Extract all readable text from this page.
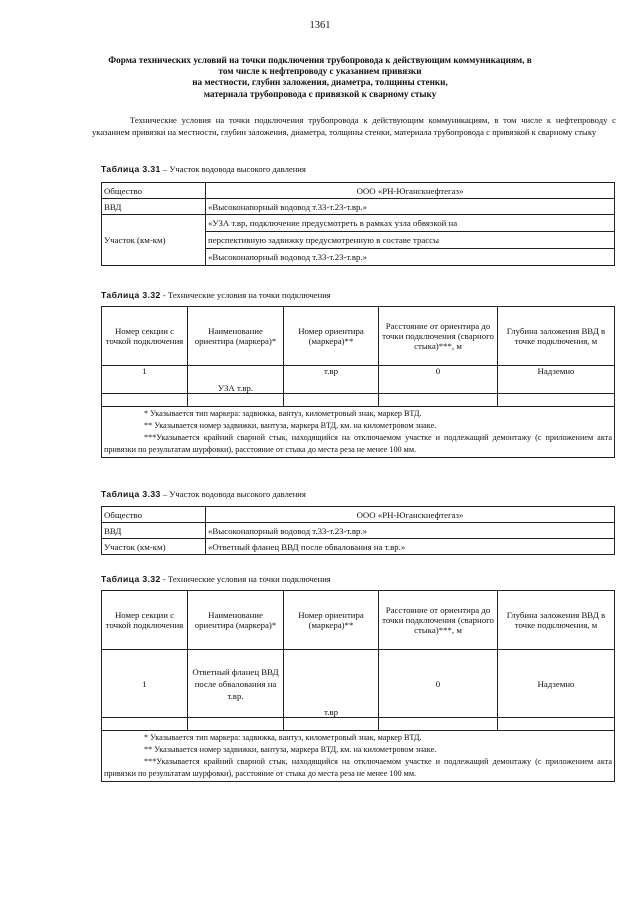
1361
Форма технических условий на точки подключения трубопровода к действующим коммуникациям, в
том числе к нефтепроводу с указанием привязки
на местности, глубин заложения, диаметра, толщины стенки,
материала трубопровода с привязкой к сварному стыку
Технические условия на точки подключения трубопровода к действующим коммуникациям, в том числе к нефтепроводу с указанием привязки на местности, глубин заложения, диаметра, толщины стенки, материала трубопровода с привязкой к сварному стыку
Таблица 3.31 – Участок водовода высокого давления
Общество	ООО «РН-Юганскнефтегаз»
ВВД	«Высоконапорный водовод т.33-т.23-т.вр.»
Участок (км-км)	«УЗА т.вр, подключение предусмотреть в рамках узла обвязкой на
	перспективную задвижку предусмотренную в составе трассы
	«Высоконапорный водовод т.33-т.23-т.вр.»
Таблица 3.32 - Технические условия на точки подключения
Номер секции с точкой подключения	Наименование ориентира (маркера)*	Номер ориентира (маркера)**	Расстояние от ориентира до точки подключения (сварного стыка)***, м	Глубина заложения ВВД в точке подключения, м
1	УЗА т.вр.	т.вр	0	Надземно

* Указывается тип маркера: задвижка, вантуз, километровый знак, маркер ВТД.
** Указывается номер задвижки, вантуза, маркера ВТД, км. на километровом знаке.
***Указывается крайний сварной стык, находящийся на отключаемом участке и подлежащий демонтажу (с приложением акта привязки по результатам шурфовки), расстояние от стыка до места реза не менее 100 мм.				
Таблица 3.33 – Участок водовода высокого давления
Общество	ООО «РН-Юганскнефтегаз»
ВВД	«Высоконапорный водовод т.33-т.23-т.вр.»
Участок (км-км)	«Ответный фланец ВВД после обвалования на т.вр.»
Таблица 3.32 - Технические условия на точки подключения
Номер секции с точкой подключения	Наименование ориентира (маркера)*	Номер ориентира (маркера)**	Расстояние от ориентира до точки подключения (сварного стыка)***, м	Глубина заложения ВВД в точке подключения, м
1	Ответный фланец ВВД после обвалования на т.вр.	т.вр	0	Надземно

* Указывается тип маркера: задвижка, вантуз, километровый знак, маркер ВТД.
** Указывается номер задвижки, вантуза, маркера ВТД, км. на километровом знаке.
***Указывается крайний сварной стык, находящийся на отключаемом участке и подлежащий демонтажу (с приложением акта привязки по результатам шурфовки), расстояние от стыка до места реза не менее 100 мм.				
